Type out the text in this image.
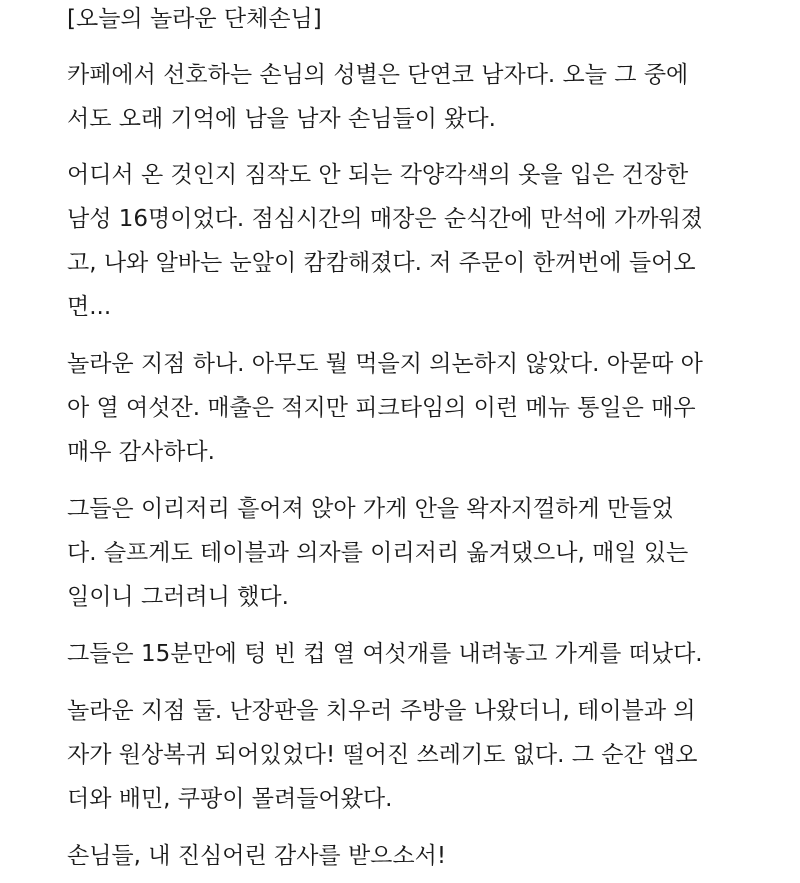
[오늘의 놀라운 단체손님]
카페에서 선호하는 손님의 성별은 단연코 남자다. 오늘 그 중에
서도 오래 기억에 남을 남자 손님들이 왔다.
어디서 온 것인지 짐작도 안 되는 각양각색의 옷을 입은 건장한
남성 16명이었다. 점심시간의 매장은 순식간에 만석에 가까워졌
고, 나와 알바는 눈앞이 캄캄해졌다. 저 주문이 한꺼번에 들어오
면...
놀라운 지점 하나. 아무도 뭘 먹을지 의논하지 않았다. 아묻따 아
아 열 여섯잔. 매출은 적지만 피크타임의 이런 메뉴 통일은 매우
매우 감사하다.
그들은 이리저리 흩어져 앉아 가게 안을 왁자지껄하게 만들었
다. 슬프게도 테이블과 의자를 이리저리 옮겨댔으나, 매일 있는
일이니 그러려니 했다.
그들은 15분만에 텅 빈 컵 열 여섯개를 내려놓고 가게를 떠났다.
놀라운 지점 둘. 난장판을 치우러 주방을 나왔더니, 테이블과 의
자가 원상복귀 되어있었다! 떨어진 쓰레기도 없다. 그 순간 앱오
더와 배민, 쿠팡이 몰려들어왔다.
손님들, 내 진심어린 감사를 받으소서!
